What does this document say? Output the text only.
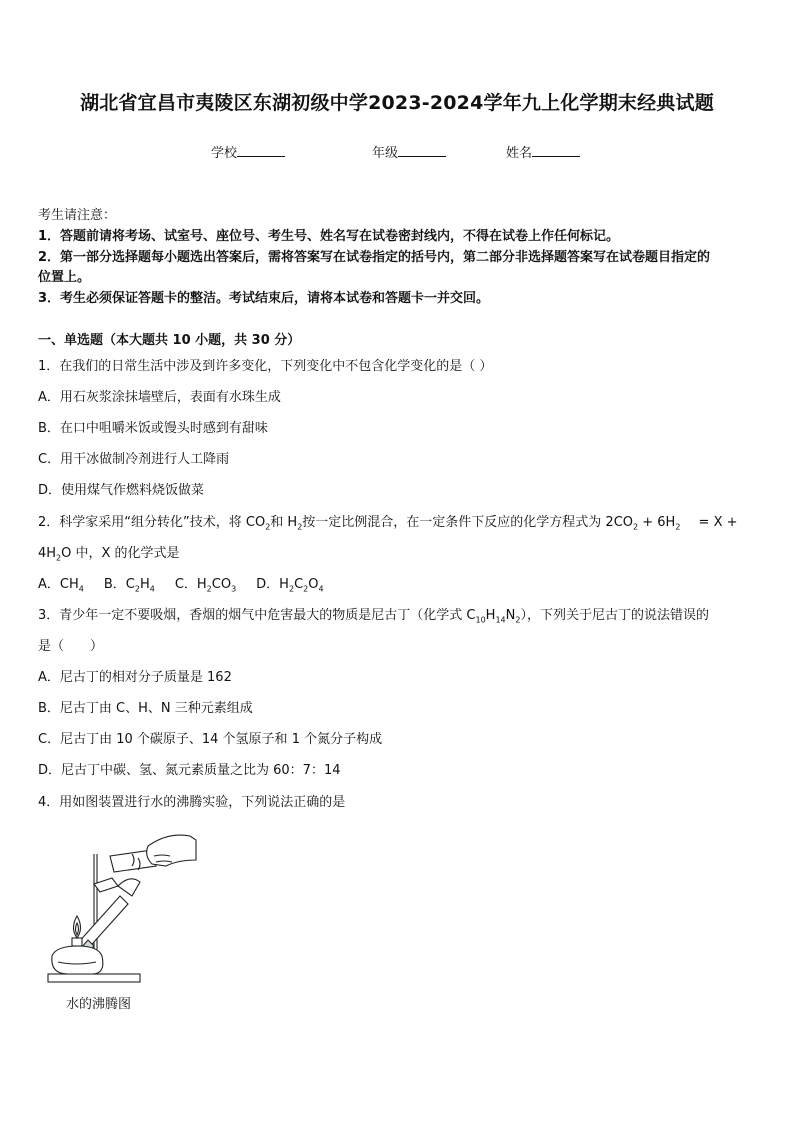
湖北省宜昌市夷陵区东湖初级中学2023-2024学年九上化学期末经典试题
学校	年级	姓名
考生请注意：
1．答题前请将考场、试室号、座位号、考生号、姓名写在试卷密封线内，不得在试卷上作任何标记。
2．第一部分选择题每小题选出答案后，需将答案写在试卷指定的括号内，第二部分非选择题答案写在试卷题目指定的
位置上。
3．考生必须保证答题卡的整洁。考试结束后，请将本试卷和答题卡一并交回。
一、单选题（本大题共 10 小题，共 30 分）
1．在我们的日常生活中涉及到许多变化，下列变化中不包含化学变化的是（ ）
A．用石灰浆涂抹墙壁后，表面有水珠生成
B．在口中咀嚼米饭或馒头时感到有甜味
C．用干冰做制冷剂进行人工降雨
D．使用煤气作燃料烧饭做菜
2．科学家采用“组分转化”技术，将 $CO_2$和 $H_2$按一定比例混合，在一定条件下反应的化学方程式为 $2CO_2 + 6H_2 = X$ +
$4H_2O$ 中，X 的化学式是
A．$CH_4$ B．$C_2H_4$ C．$H_2CO_3$ D．$H_2C_2O_4$
3．青少年一定不要吸烟，香烟的烟气中危害最大的物质是尼古丁（化学式 $C_{10}H_{14}N_2$），下列关于尼古丁的说法错误的
是（　　）
A．尼古丁的相对分子质量是 162
B．尼古丁由 C、H、N 三种元素组成
C．尼古丁由 10 个碳原子、14 个氢原子和 1 个氮分子构成
D．尼古丁中碳、氢、氮元素质量之比为 60：7：14
4．用如图装置进行水的沸腾实验，下列说法正确的是
水的沸腾图
